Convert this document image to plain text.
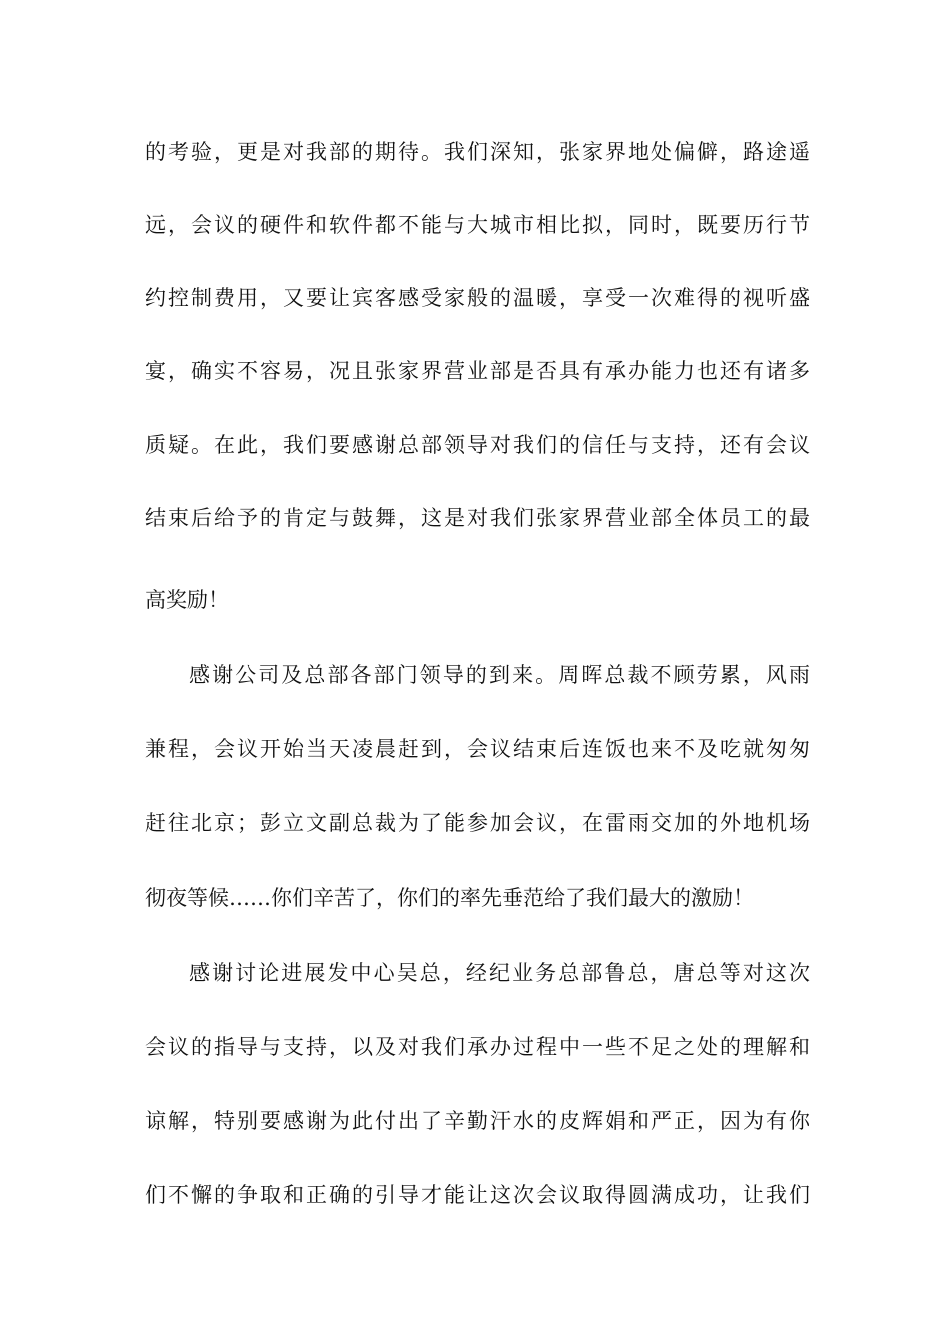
的考验，更是对我部的期待。我们深知，张家界地处偏僻，路途遥
远，会议的硬件和软件都不能与大城市相比拟，同时，既要历行节
约控制费用，又要让宾客感受家般的温暖，享受一次难得的视听盛
宴，确实不容易，况且张家界营业部是否具有承办能力也还有诸多
质疑。在此，我们要感谢总部领导对我们的信任与支持，还有会议
结束后给予的肯定与鼓舞，这是对我们张家界营业部全体员工的最
高奖励！
感谢公司及总部各部门领导的到来。周晖总裁不顾劳累，风雨
兼程，会议开始当天凌晨赶到，会议结束后连饭也来不及吃就匆匆
赶往北京；彭立文副总裁为了能参加会议，在雷雨交加的外地机场
彻夜等候……你们辛苦了，你们的率先垂范给了我们最大的激励！
感谢讨论进展发中心吴总，经纪业务总部鲁总，唐总等对这次
会议的指导与支持，以及对我们承办过程中一些不足之处的理解和
谅解，特别要感谢为此付出了辛勤汗水的皮辉娟和严正，因为有你
们不懈的争取和正确的引导才能让这次会议取得圆满成功，让我们
